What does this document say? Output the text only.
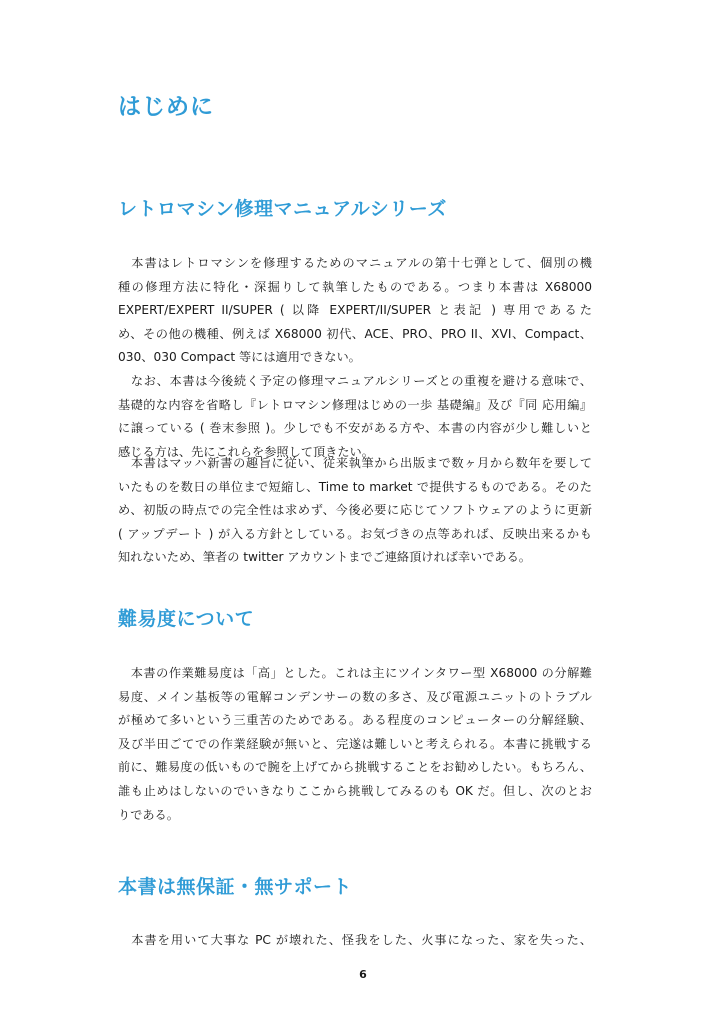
はじめに
レトロマシン修理マニュアルシリーズ
　本書はレトロマシンを修理するためのマニュアルの第十七弾として、個別の機
種の修理方法に特化・深掘りして執筆したものである。つまり本書は X68000
EXPERT/EXPERT II/SUPER ( 以降 EXPERT/II/SUPER と表記 ) 専用であるた
め、その他の機種、例えば X68000 初代、ACE、PRO、PRO II、XVI、Compact、
030、030 Compact 等には適用できない。
　なお、本書は今後続く予定の修理マニュアルシリーズとの重複を避ける意味で、
基礎的な内容を省略し『レトロマシン修理はじめの一歩 基礎編』及び『同 応用編』
に譲っている ( 巻末参照 )。少しでも不安がある方や、本書の内容が少し難しいと
感じる方は、先にこれらを参照して頂きたい。
　本書はマッハ新書の趣旨に従い、従来執筆から出版まで数ヶ月から数年を要して
いたものを数日の単位まで短縮し、Time to market で提供するものである。そのた
め、初版の時点での完全性は求めず、今後必要に応じてソフトウェアのように更新
( アップデート ) が入る方針としている。お気づきの点等あれば、反映出来るかも
知れないため、筆者の twitter アカウントまでご連絡頂ければ幸いである。
難易度について
　本書の作業難易度は「高」とした。これは主にツインタワー型 X68000 の分解難
易度、メイン基板等の電解コンデンサーの数の多さ、及び電源ユニットのトラブル
が極めて多いという三重苦のためである。ある程度のコンピューターの分解経験、
及び半田ごてでの作業経験が無いと、完遂は難しいと考えられる。本書に挑戦する
前に、難易度の低いもので腕を上げてから挑戦することをお勧めしたい。もちろん、
誰も止めはしないのでいきなりここから挑戦してみるのも OK だ。但し、次のとお
りである。
本書は無保証・無サポート
　本書を用いて大事な PC が壊れた、怪我をした、火事になった、家を失った、
6
